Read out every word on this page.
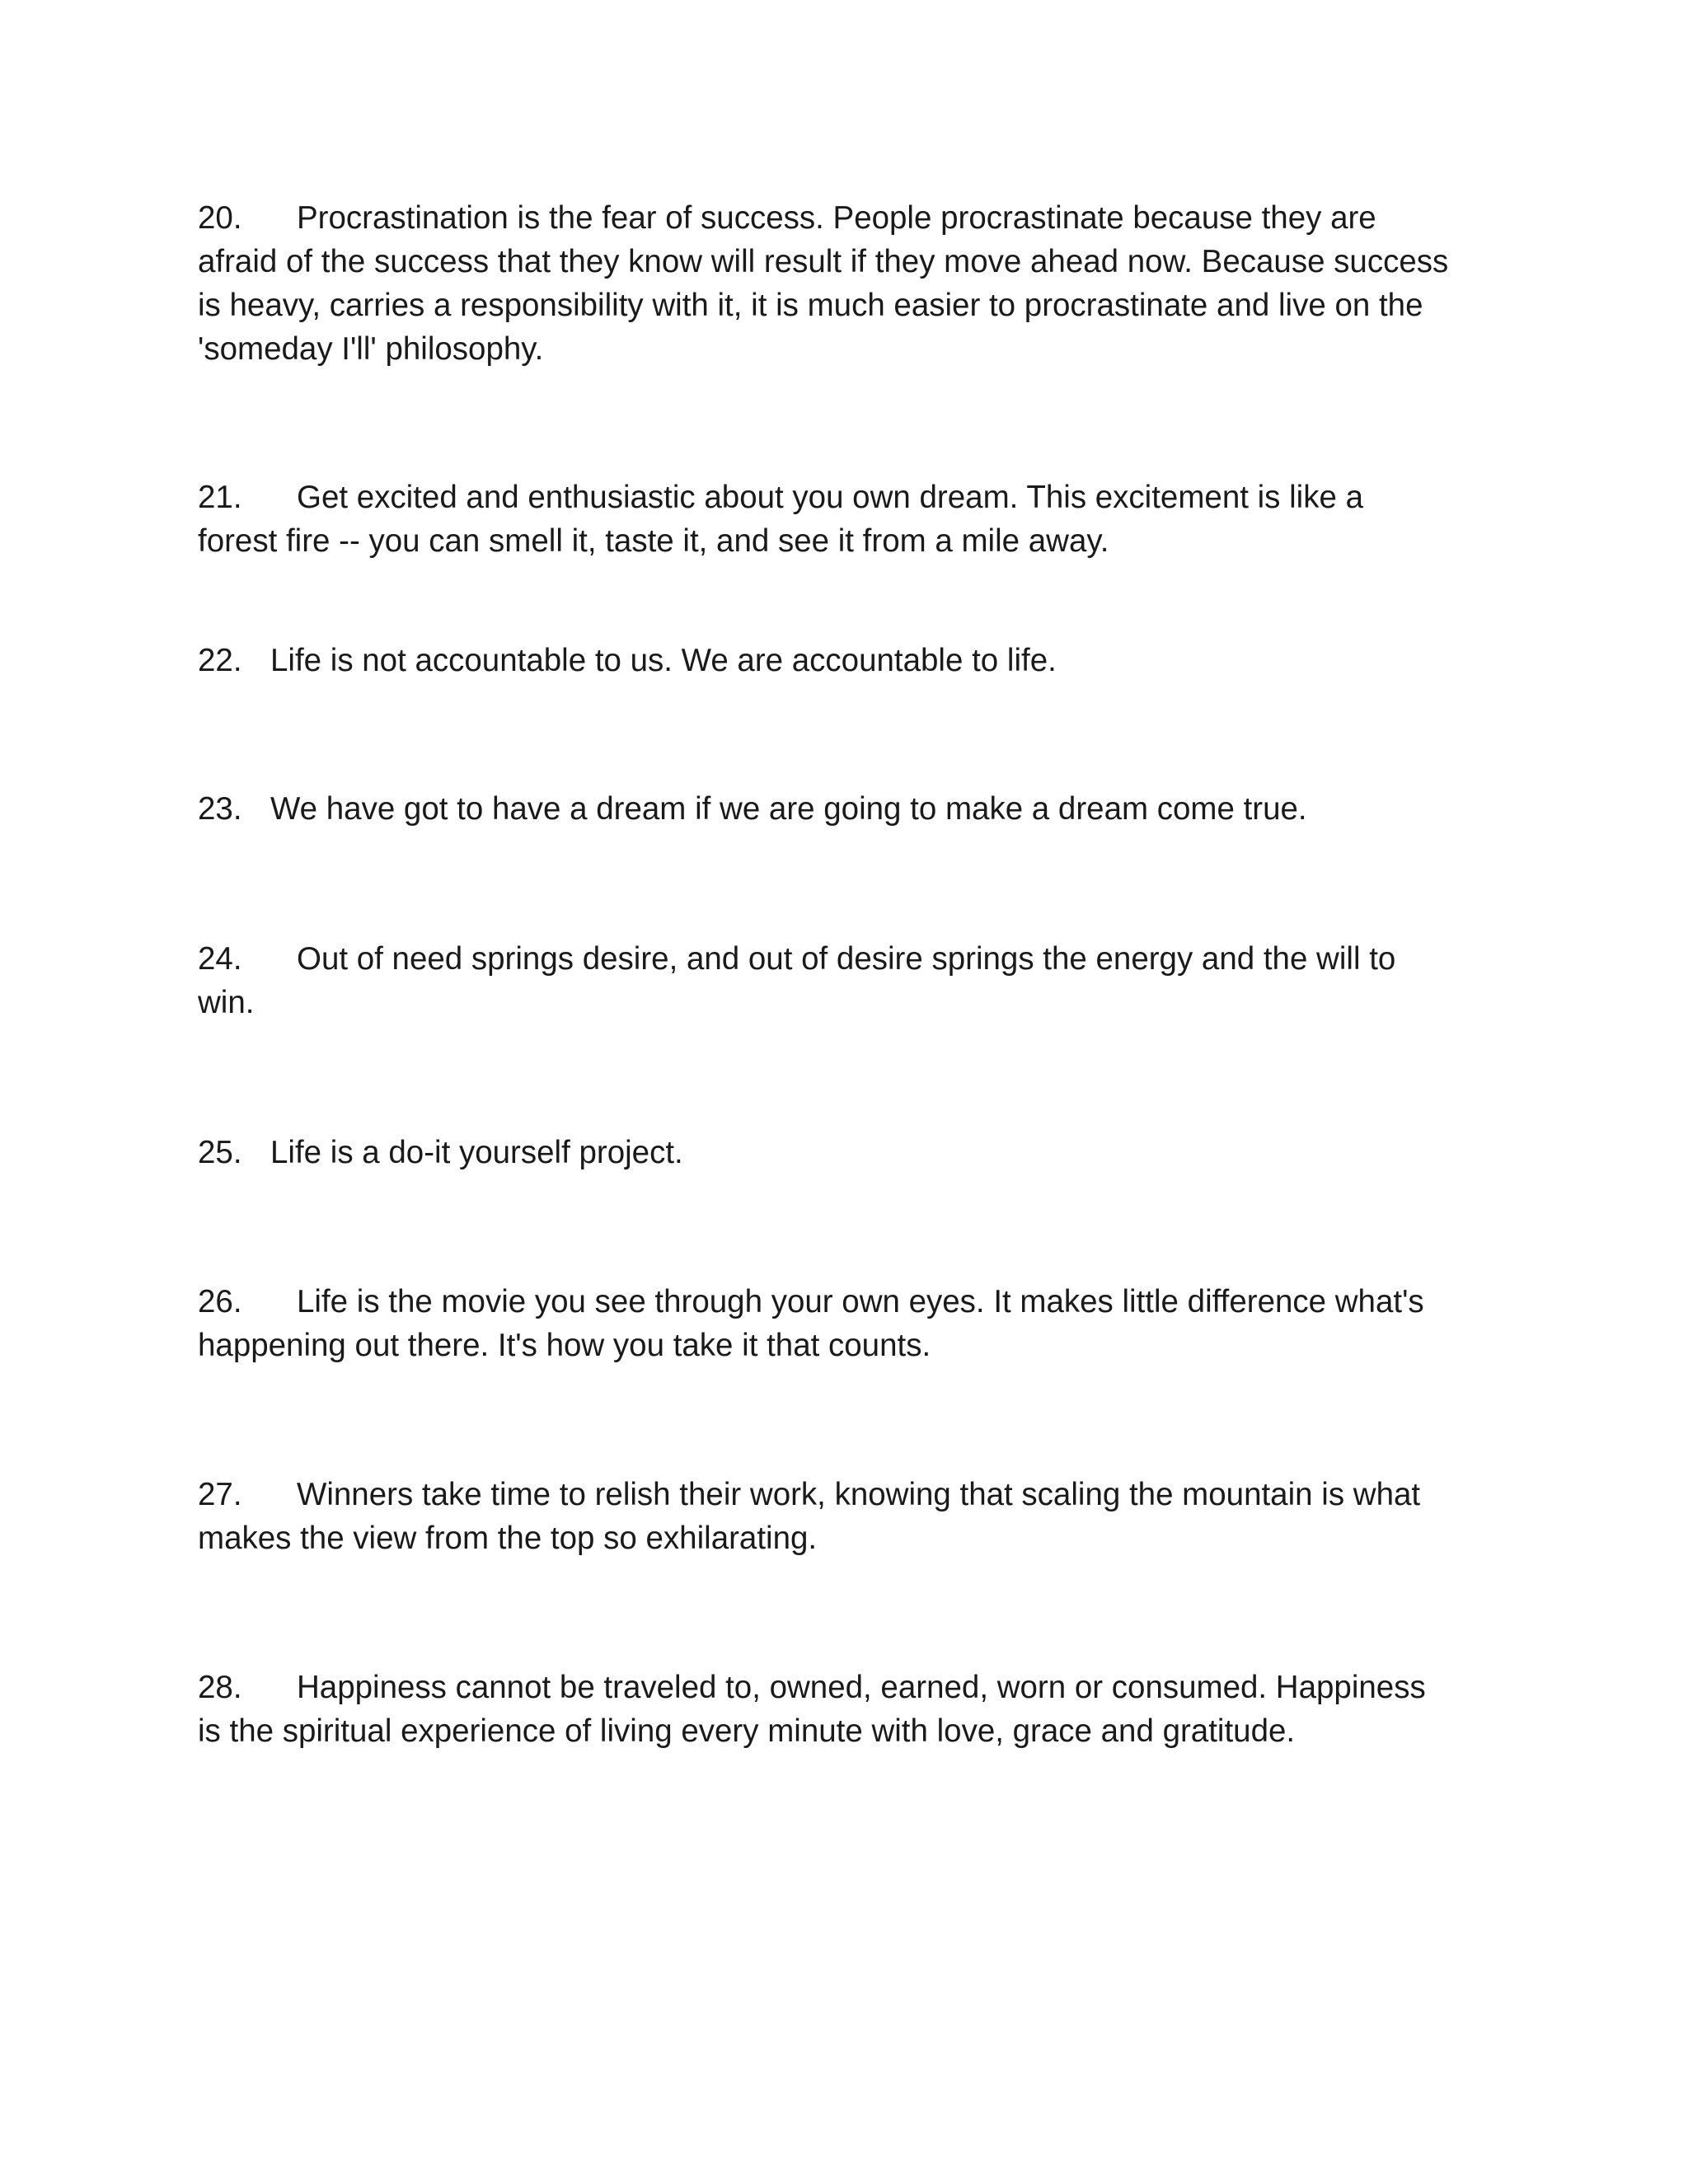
20. Procrastination is the fear of success. People procrastinate because they are afraid of the success that they know will result if they move ahead now. Because success is heavy, carries a responsibility with it, it is much easier to procrastinate and live on the 'someday I'll' philosophy.

21. Get excited and enthusiastic about you own dream. This excitement is like a forest fire -- you can smell it, taste it, and see it from a mile away.

22. Life is not accountable to us. We are accountable to life.

23. We have got to have a dream if we are going to make a dream come true.

24. Out of need springs desire, and out of desire springs the energy and the will to win.

25. Life is a do-it yourself project.

26. Life is the movie you see through your own eyes. It makes little difference what's happening out there. It's how you take it that counts.

27. Winners take time to relish their work, knowing that scaling the mountain is what makes the view from the top so exhilarating.

28. Happiness cannot be traveled to, owned, earned, worn or consumed. Happiness is the spiritual experience of living every minute with love, grace and gratitude.
